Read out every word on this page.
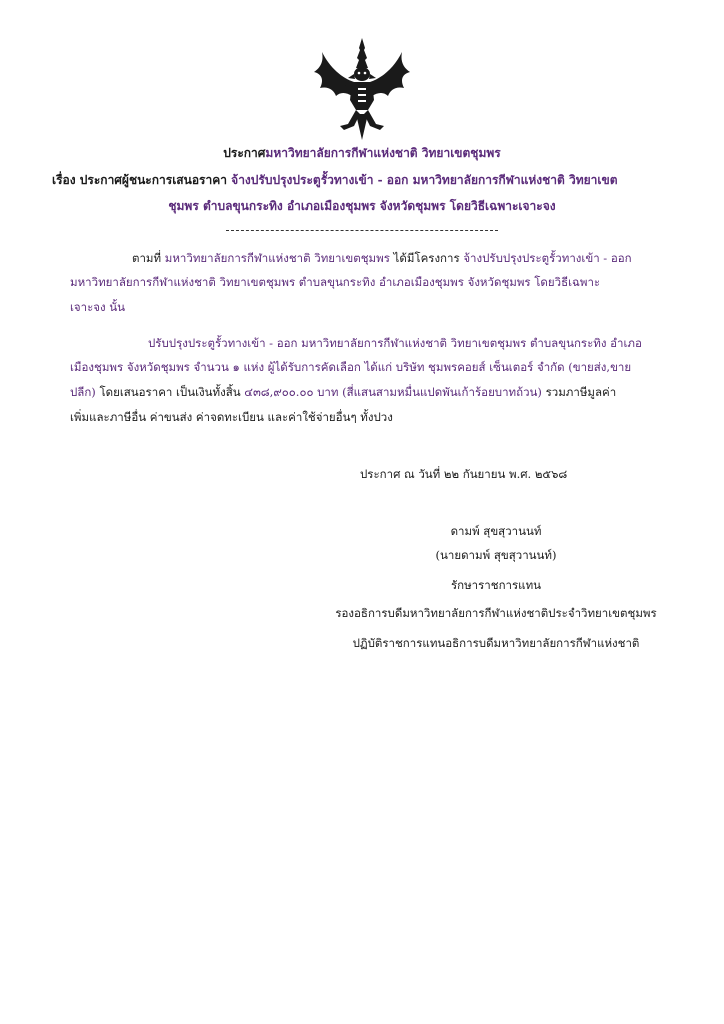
ประกาศมหาวิทยาลัยการกีฬาแห่งชาติ วิทยาเขตชุมพร
เรื่อง ประกาศผู้ชนะการเสนอราคา จ้างปรับปรุงประตูรั้วทางเข้า - ออก มหาวิทยาลัยการกีฬาแห่งชาติ วิทยาเขต
ชุมพร ตำบลขุนกระทิง อำเภอเมืองชุมพร จังหวัดชุมพร โดยวิธีเฉพาะเจาะจง
ตามที่ มหาวิทยาลัยการกีฬาแห่งชาติ วิทยาเขตชุมพร ได้มีโครงการ จ้างปรับปรุงประตูรั้วทางเข้า - ออก
มหาวิทยาลัยการกีฬาแห่งชาติ วิทยาเขตชุมพร ตำบลขุนกระทิง อำเภอเมืองชุมพร จังหวัดชุมพร โดยวิธีเฉพาะ
เจาะจง นั้น
ปรับปรุงประตูรั้วทางเข้า - ออก มหาวิทยาลัยการกีฬาแห่งชาติ วิทยาเขตชุมพร ตำบลขุนกระทิง อำเภอ
เมืองชุมพร จังหวัดชุมพร จำนวน ๑ แห่ง ผู้ได้รับการคัดเลือก ได้แก่ บริษัท ชุมพรคอยส์ เซ็นเตอร์ จำกัด (ขายส่ง,ขาย
ปลีก) โดยเสนอราคา เป็นเงินทั้งสิ้น ๔๓๘,๙๐๐.๐๐ บาท (สี่แสนสามหมื่นแปดพันเก้าร้อยบาทถ้วน) รวมภาษีมูลค่า
เพิ่มและภาษีอื่น ค่าขนส่ง ค่าจดทะเบียน และค่าใช้จ่ายอื่นๆ ทั้งปวง
ประกาศ ณ วันที่ ๒๒ กันยายน พ.ศ. ๒๕๖๘
ดามพ์ สุขสุวานนท์
(นายดามพ์ สุขสุวานนท์)
รักษาราชการแทน
รองอธิการบดีมหาวิทยาลัยการกีฬาแห่งชาติประจำวิทยาเขตชุมพร
ปฏิบัติราชการแทนอธิการบดีมหาวิทยาลัยการกีฬาแห่งชาติ
